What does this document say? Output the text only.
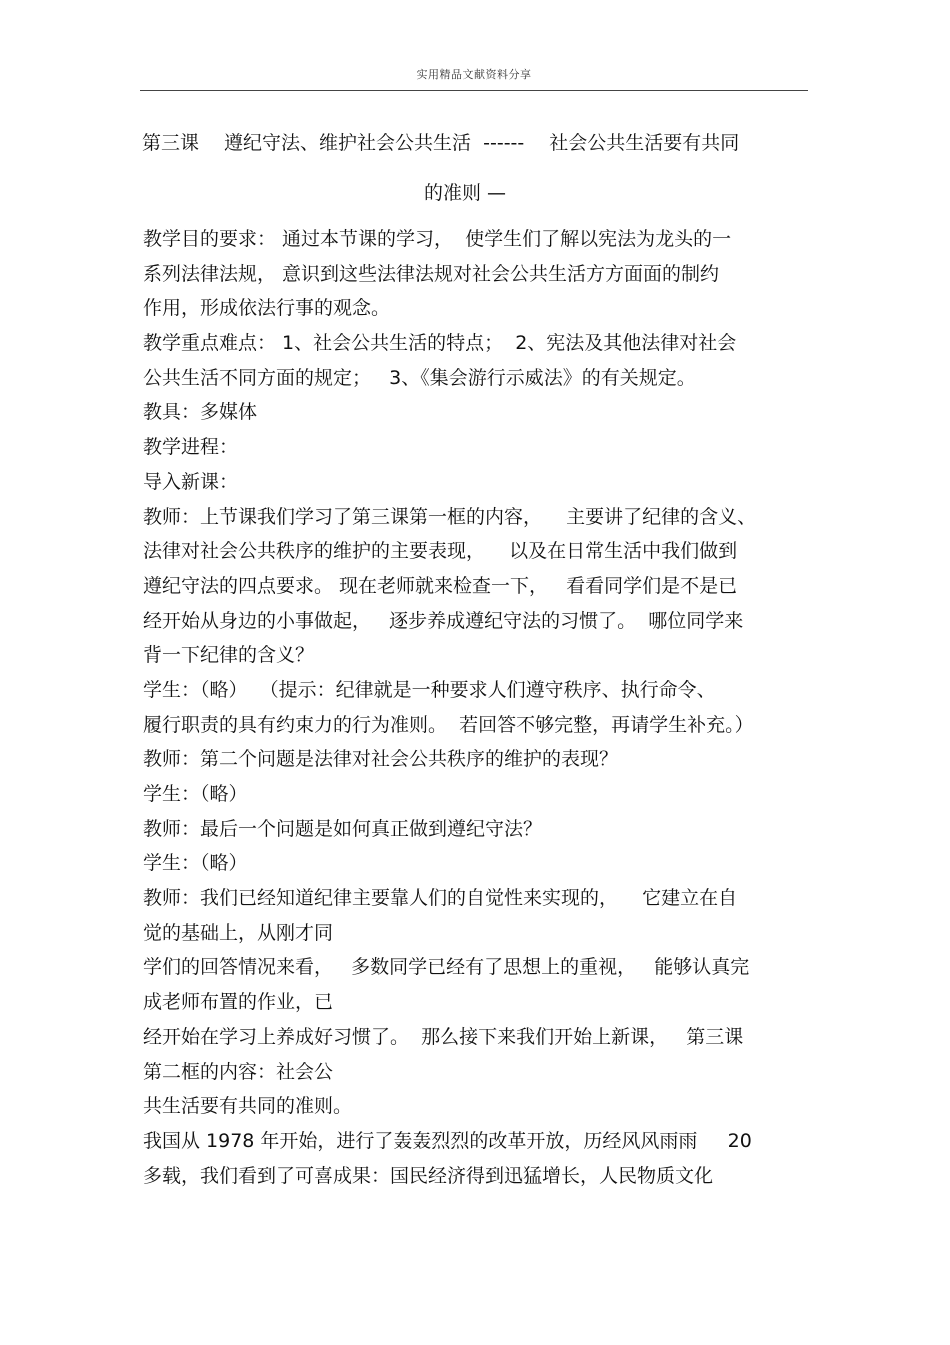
实用精品文献资料分享
第三课　 遵纪守法、维护社会公共生活  ------　 社会公共生活要有共同
的准则 —
教学目的要求： 通过本节课的学习，  使学生们了解以宪法为龙头的一
系列法律法规， 意识到这些法律法规对社会公共生活方方面面的制约
作用，形成依法行事的观念。
教学重点难点： 1、社会公共生活的特点；  2、宪法及其他法律对社会
公共生活不同方面的规定；   3、《集会游行示威法》的有关规定。
教具：多媒体
教学进程：
导入新课：
教师：上节课我们学习了第三课第一框的内容，    主要讲了纪律的含义、
法律对社会公共秩序的维护的主要表现，    以及在日常生活中我们做到
遵纪守法的四点要求。 现在老师就来检查一下，   看看同学们是不是已
经开始从身边的小事做起，   逐步养成遵纪守法的习惯了。  哪位同学来
背一下纪律的含义？
学生：（略）  （提示：纪律就是一种要求人们遵守秩序、执行命令、
履行职责的具有约束力的行为准则。  若回答不够完整，再请学生补充。）
教师：第二个问题是法律对社会公共秩序的维护的表现？
学生：（略）
教师：最后一个问题是如何真正做到遵纪守法？
学生：（略）
教师：我们已经知道纪律主要靠人们的自觉性来实现的，    它建立在自
觉的基础上，从刚才同
学们的回答情况来看，   多数同学已经有了思想上的重视，   能够认真完
成老师布置的作业，已
经开始在学习上养成好习惯了。  那么接下来我们开始上新课，   第三课
第二框的内容：社会公
共生活要有共同的准则。
我国从 1978 年开始，进行了轰轰烈烈的改革开放，历经风风雨雨     20
多载，我们看到了可喜成果：国民经济得到迅猛增长，人民物质文化
